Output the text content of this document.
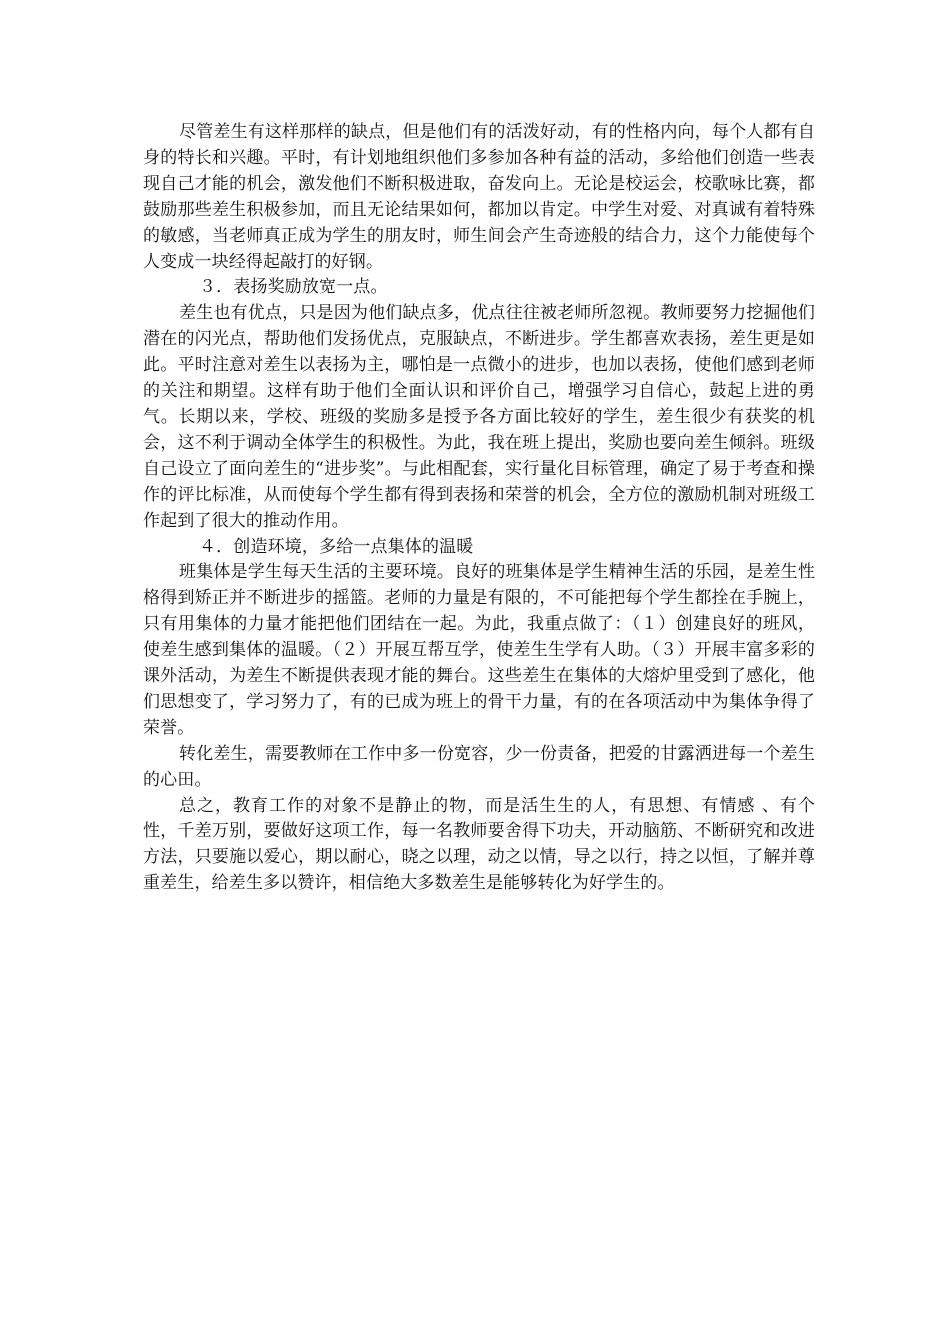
尽管差生有这样那样的缺点，但是他们有的活泼好动，有的性格内向，每个人都有自身的特长和兴趣。平时，有计划地组织他们多参加各种有益的活动，多给他们创造一些表现自己才能的机会，激发他们不断积极进取，奋发向上。无论是校运会，校歌咏比赛，都鼓励那些差生积极参加，而且无论结果如何，都加以肯定。中学生对爱、对真诚有着特殊的敏感，当老师真正成为学生的朋友时，师生间会产生奇迹般的结合力，这个力能使每个人变成一块经得起敲打的好钢。

３．表扬奖励放宽一点。

差生也有优点，只是因为他们缺点多，优点往往被老师所忽视。教师要努力挖掘他们潜在的闪光点，帮助他们发扬优点，克服缺点，不断进步。学生都喜欢表扬，差生更是如此。平时注意对差生以表扬为主，哪怕是一点微小的进步，也加以表扬，使他们感到老师的关注和期望。这样有助于他们全面认识和评价自己，增强学习自信心，鼓起上进的勇气。长期以来，学校、班级的奖励多是授予各方面比较好的学生，差生很少有获奖的机会，这不利于调动全体学生的积极性。为此，我在班上提出，奖励也要向差生倾斜。班级自己设立了面向差生的“进步奖”。与此相配套，实行量化目标管理，确定了易于考查和操作的评比标准，从而使每个学生都有得到表扬和荣誉的机会，全方位的激励机制对班级工作起到了很大的推动作用。

４．创造环境，多给一点集体的温暖

班集体是学生每天生活的主要环境。良好的班集体是学生精神生活的乐园，是差生性格得到矫正并不断进步的摇篮。老师的力量是有限的，不可能把每个学生都拴在手腕上，只有用集体的力量才能把他们团结在一起。为此，我重点做了：（１）创建良好的班风，使差生感到集体的温暖。（２）开展互帮互学，使差生生学有人助。（３）开展丰富多彩的课外活动，为差生不断提供表现才能的舞台。这些差生在集体的大熔炉里受到了感化，他们思想变了，学习努力了，有的已成为班上的骨干力量，有的在各项活动中为集体争得了荣誉。

转化差生，需要教师在工作中多一份宽容，少一份责备，把爱的甘露洒进每一个差生的心田。

总之，教育工作的对象不是静止的物，而是活生生的人，有思想、有情感 、有个性，千差万别，要做好这项工作，每一名教师要舍得下功夫，开动脑筋、不断研究和改进方法，只要施以爱心，期以耐心，晓之以理，动之以情，导之以行，持之以恒，了解并尊重差生，给差生多以赞许，相信绝大多数差生是能够转化为好学生的。
